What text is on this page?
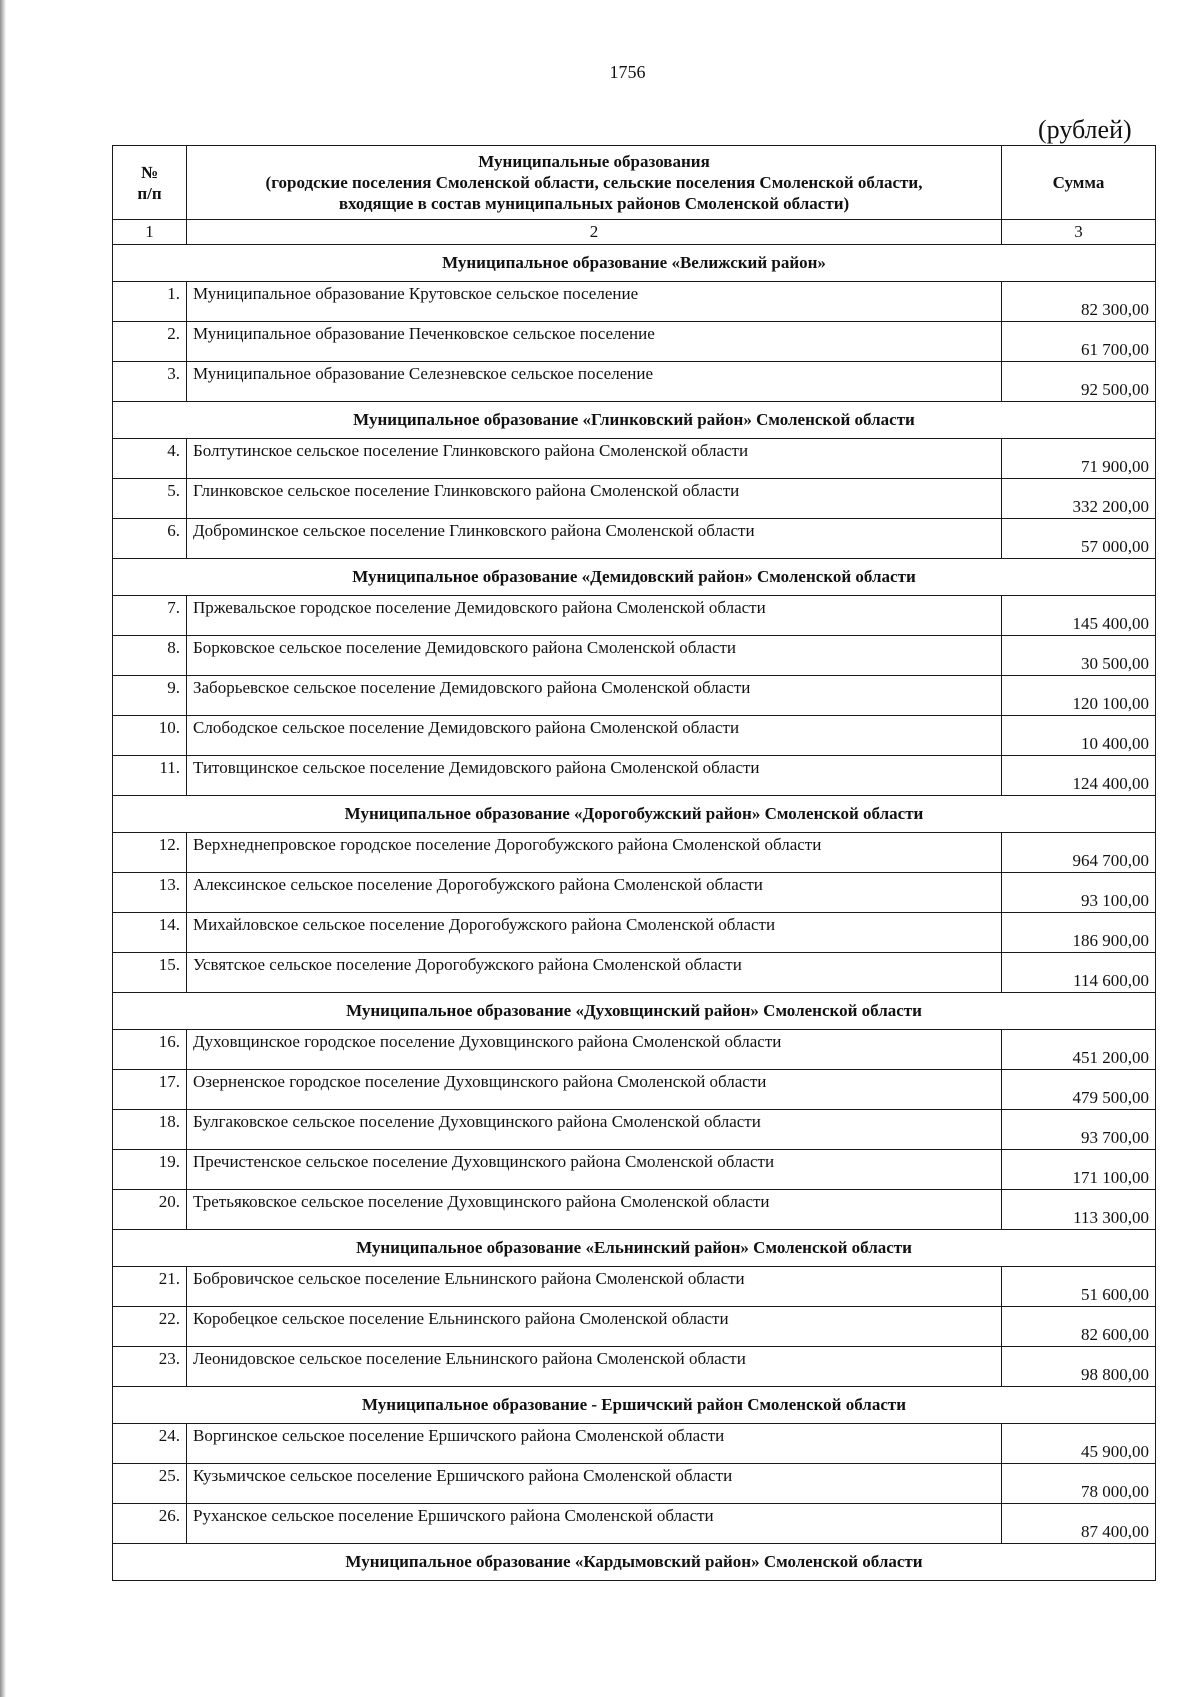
1756
(рублей)
№
п/п	Муниципальные образования
(городские поселения Смоленской области, сельские поселения Смоленской области,
входящие в состав муниципальных районов Смоленской области)	Сумма
1	2	3
Муниципальное образование «Велижский район»		
1.	Муниципальное образование Крутовское сельское поселение	82 300,00
2.	Муниципальное образование Печенковское сельское поселение	61 700,00
3.	Муниципальное образование Селезневское сельское поселение	92 500,00
Муниципальное образование «Глинковский район» Смоленской области		
4.	Болтутинское сельское поселение Глинковского района Смоленской области	71 900,00
5.	Глинковское сельское поселение Глинковского района Смоленской области	332 200,00
6.	Доброминское сельское поселение Глинковского района Смоленской области	57 000,00
Муниципальное образование «Демидовский район» Смоленской области		
7.	Пржевальское городское поселение Демидовского района Смоленской области	145 400,00
8.	Борковское сельское поселение Демидовского района Смоленской области	30 500,00
9.	Заборьевское сельское поселение Демидовского района Смоленской области	120 100,00
10.	Слободское сельское поселение Демидовского района Смоленской области	10 400,00
11.	Титовщинское сельское поселение Демидовского района Смоленской области	124 400,00
Муниципальное образование «Дорогобужский район» Смоленской области		
12.	Верхнеднепровское городское поселение Дорогобужского района Смоленской области	964 700,00
13.	Алексинское сельское поселение Дорогобужского района Смоленской области	93 100,00
14.	Михайловское сельское поселение Дорогобужского района Смоленской области	186 900,00
15.	Усвятское сельское поселение Дорогобужского района Смоленской области	114 600,00
Муниципальное образование «Духовщинский район» Смоленской области		
16.	Духовщинское городское поселение Духовщинского района Смоленской области	451 200,00
17.	Озерненское городское поселение Духовщинского района Смоленской области	479 500,00
18.	Булгаковское сельское поселение Духовщинского района Смоленской области	93 700,00
19.	Пречистенское сельское поселение Духовщинского района Смоленской области	171 100,00
20.	Третьяковское сельское поселение Духовщинского района Смоленской области	113 300,00
Муниципальное образование «Ельнинский район» Смоленской области		
21.	Бобровичское сельское поселение Ельнинского района Смоленской области	51 600,00
22.	Коробецкое сельское поселение Ельнинского района Смоленской области	82 600,00
23.	Леонидовское сельское поселение Ельнинского района Смоленской области	98 800,00
Муниципальное образование - Ершичский район Смоленской области		
24.	Воргинское сельское поселение Ершичского района Смоленской области	45 900,00
25.	Кузьмичское сельское поселение Ершичского района Смоленской области	78 000,00
26.	Руханское сельское поселение Ершичского района Смоленской области	87 400,00
Муниципальное образование «Кардымовский район» Смоленской области		
